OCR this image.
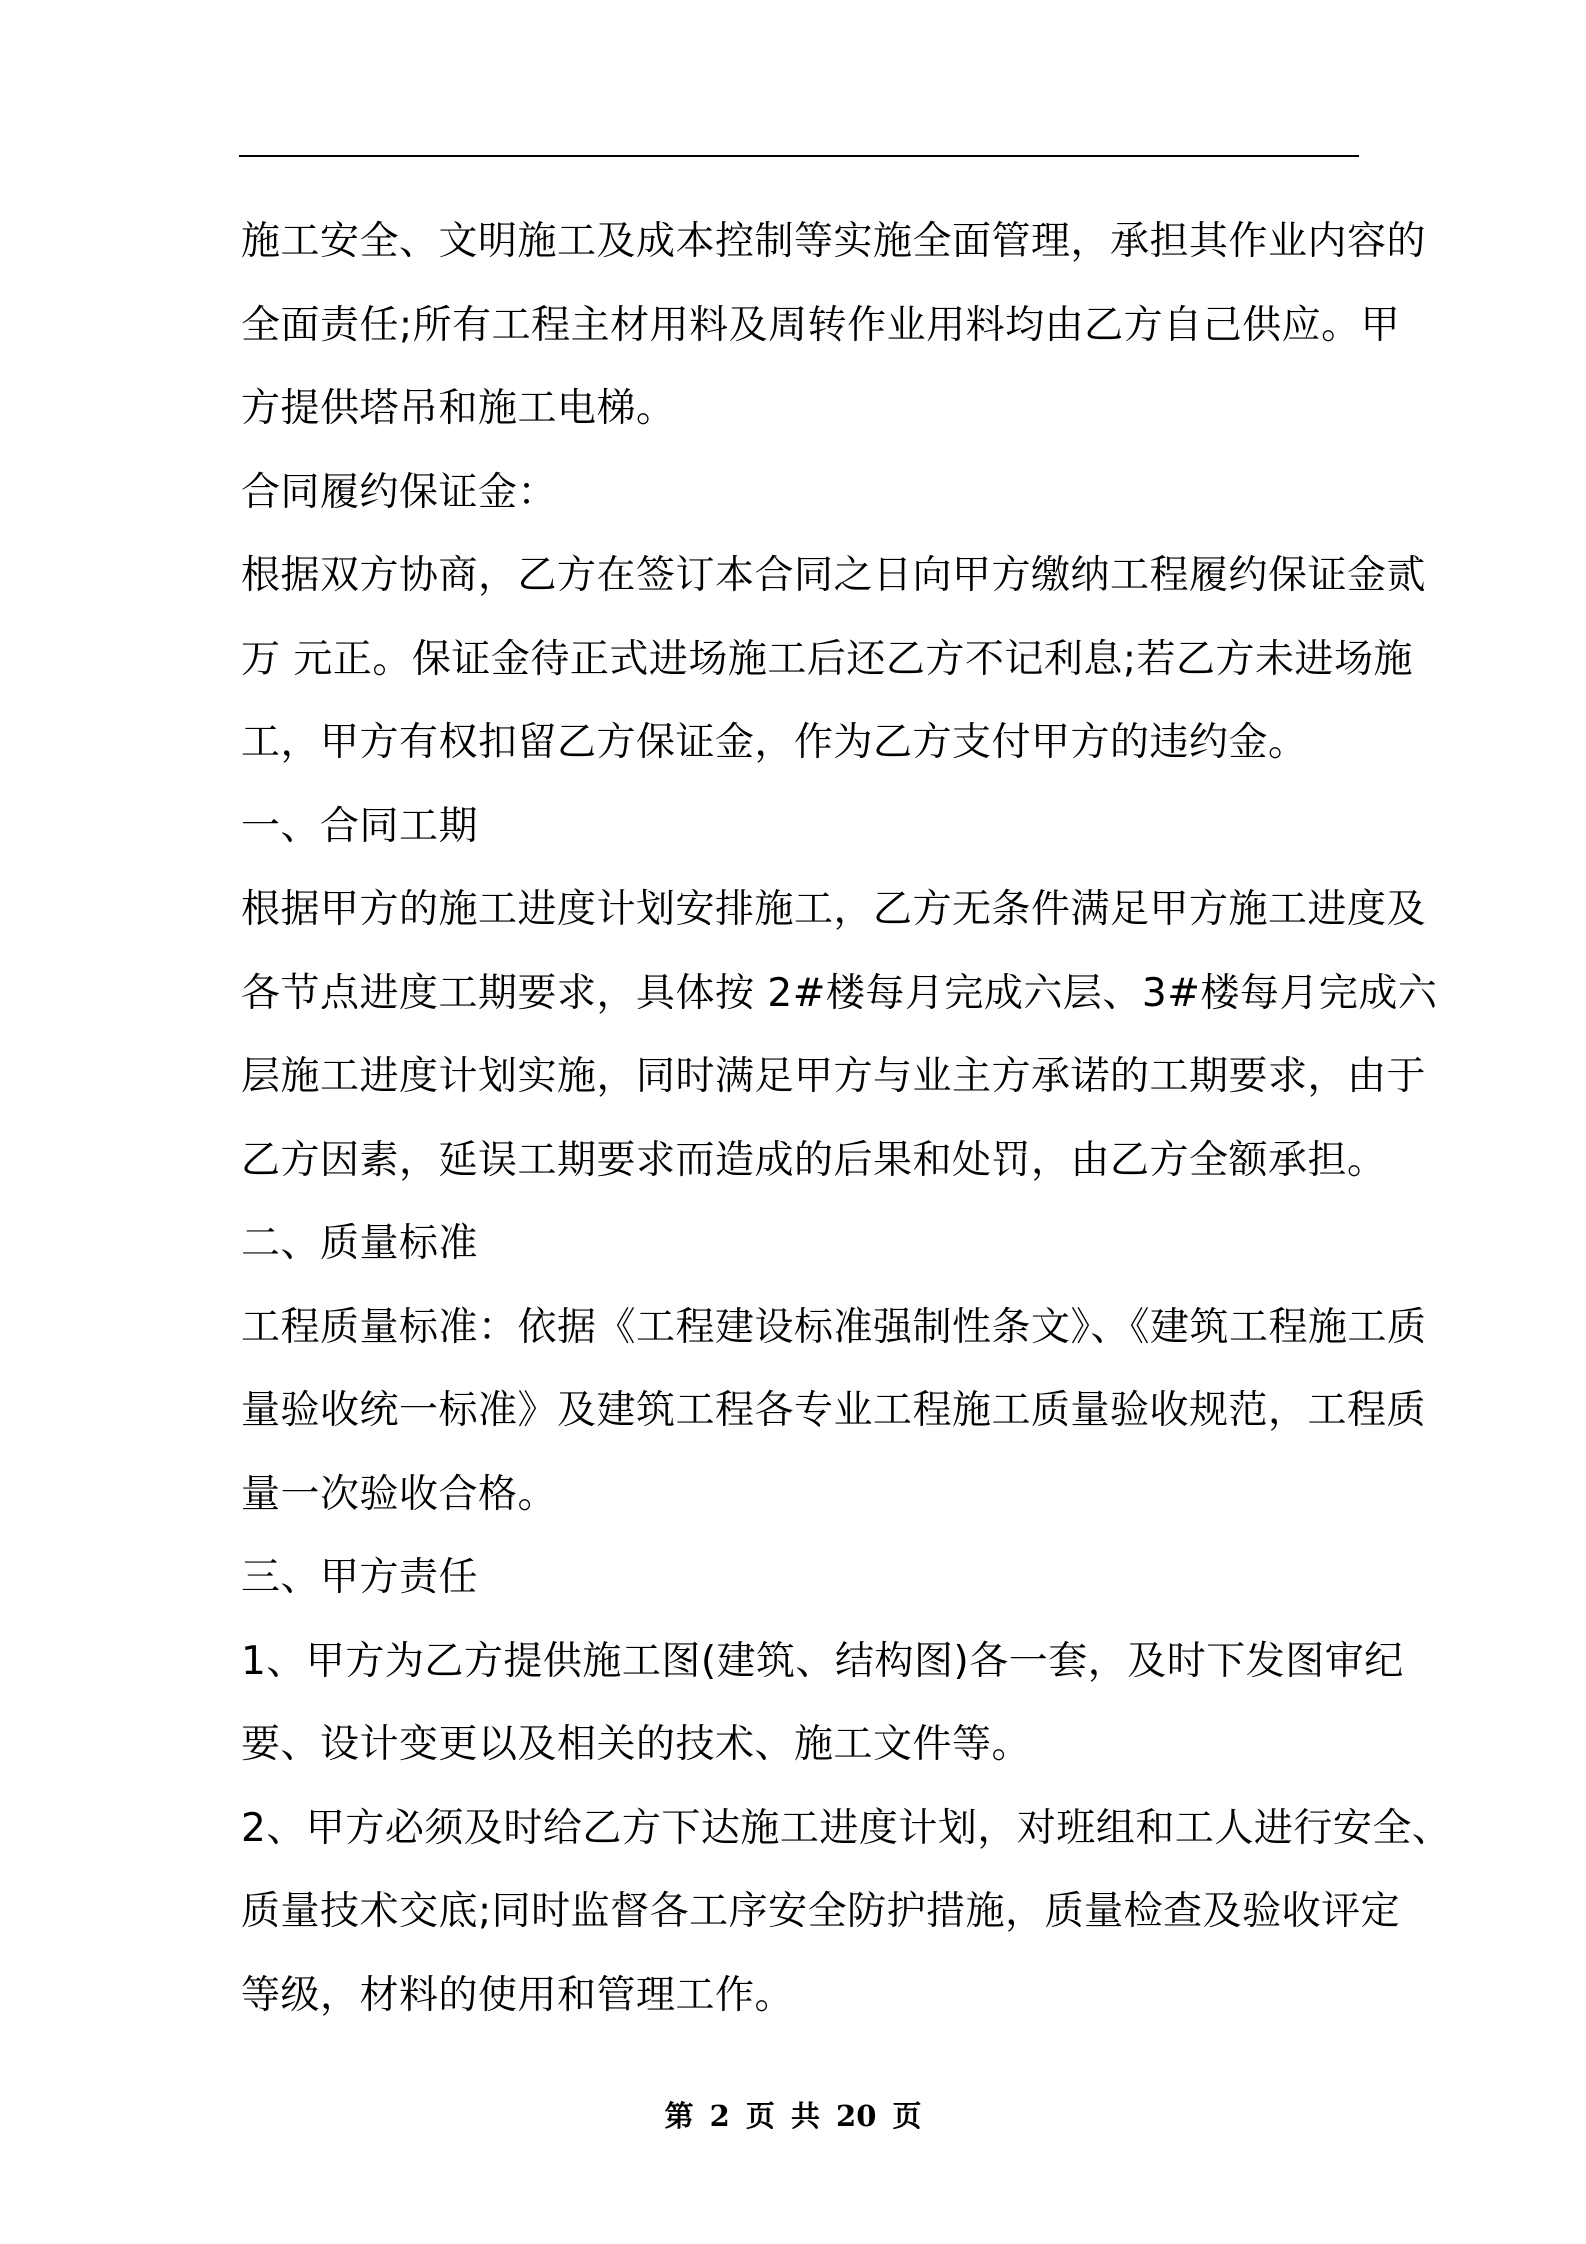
施工安全、文明施工及成本控制等实施全面管理，承担其作业内容的
全面责任;所有工程主材用料及周转作业用料均由乙方自己供应。甲
方提供塔吊和施工电梯。
合同履约保证金：
根据双方协商，乙方在签订本合同之日向甲方缴纳工程履约保证金贰
万 元正。保证金待正式进场施工后还乙方不记利息;若乙方未进场施
工，甲方有权扣留乙方保证金，作为乙方支付甲方的违约金。
一、合同工期
根据甲方的施工进度计划安排施工，乙方无条件满足甲方施工进度及
各节点进度工期要求，具体按 2#楼每月完成六层、3#楼每月完成六
层施工进度计划实施，同时满足甲方与业主方承诺的工期要求，由于
乙方因素，延误工期要求而造成的后果和处罚，由乙方全额承担。
二、质量标准
工程质量标准：依据《工程建设标准强制性条文》、《建筑工程施工质
量验收统一标准》及建筑工程各专业工程施工质量验收规范，工程质
量一次验收合格。
三、甲方责任
1、甲方为乙方提供施工图(建筑、结构图)各一套，及时下发图审纪
要、设计变更以及相关的技术、施工文件等。
2、甲方必须及时给乙方下达施工进度计划，对班组和工人进行安全、
质量技术交底;同时监督各工序安全防护措施，质量检查及验收评定
等级，材料的使用和管理工作。
第 2 页 共 20 页
